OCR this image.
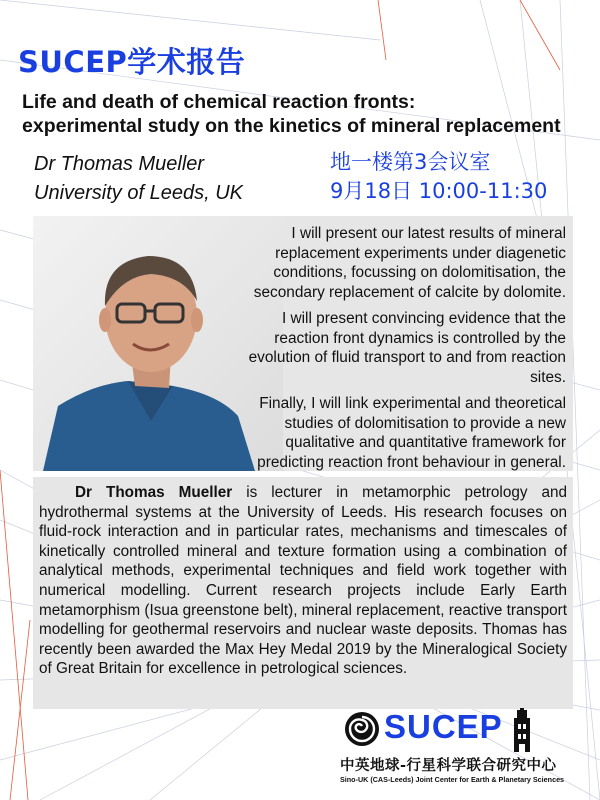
SUCEP学术报告
Life and death of chemical reaction fronts:
experimental study on the kinetics of mineral replacement
Dr Thomas Mueller
University of Leeds, UK
地一楼第3会议室
9月18日 10:00-11:30

I will present our latest results of mineral replacement experiments under diagenetic conditions, focussing on dolomitisation, the secondary replacement of calcite by dolomite.

I will present convincing evidence that the reaction front dynamics is controlled by the evolution of fluid transport to and from reaction sites.

Finally, I will link experimental and theoretical studies of dolomitisation to provide a new qualitative and quantitative framework for predicting reaction front behaviour in general.

Dr Thomas Mueller is lecturer in metamorphic petrology and hydrothermal systems at the University of Leeds. His research focuses on fluid-rock interaction and in particular rates, mechanisms and timescales of kinetically controlled mineral and texture formation using a combination of analytical methods, experimental techniques and field work together with numerical modelling. Current research projects include Early Earth metamorphism (Isua greenstone belt), mineral replacement, reactive transport modelling for geothermal reservoirs and nuclear waste deposits. Thomas has recently been awarded the Max Hey Medal 2019 by the Mineralogical Society of Great Britain for excellence in petrological sciences.

SUCEP
中英地球-行星科学联合研究中心
Sino-UK (CAS-Leeds) Joint Center for Earth & Planetary Sciences
